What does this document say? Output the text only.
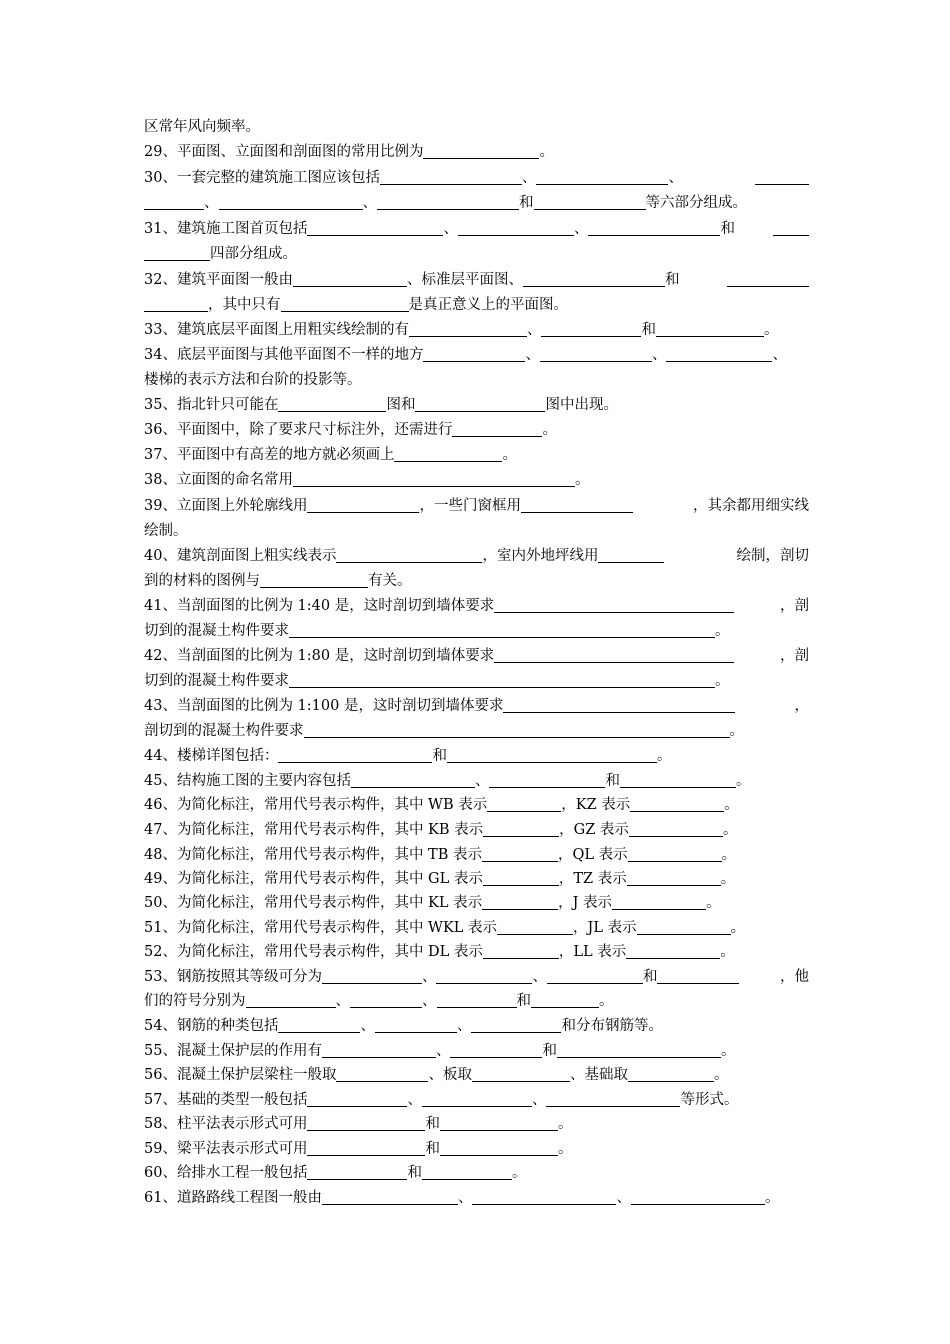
区常年风向频率。
29、平面图、立面图和剖面图的常用比例为	。
30、一套完整的建筑施工图应该包括	、	、
、	、	和	等六部分组成。
31、建筑施工图首页包括	、	、	和
四部分组成。
32、建筑平面图一般由	、标准层平面图、	和
，其中只有	是真正意义上的平面图。
33、建筑底层平面图上用粗实线绘制的有	、	和	。
34、底层平面图与其他平面图不一样的地方	、	、	、
楼梯的表示方法和台阶的投影等。
35、指北针只可能在	图和	图中出现。
36、平面图中，除了要求尺寸标注外，还需进行	。
37、平面图中有高差的地方就必须画上	。
38、立面图的命名常用	。
39、立面图上外轮廓线用	，一些门窗框用	，其余都用细实线
绘制。
40、建筑剖面图上粗实线表示	，室内外地坪线用	绘制，剖切
到的材料的图例与	有关。
41、当剖面图的比例为 1:40 是，这时剖切到墙体要求	，剖
切到的混凝土构件要求	。
42、当剖面图的比例为 1:80 是，这时剖切到墙体要求	，剖
切到的混凝土构件要求	。
43、当剖面图的比例为 1:100 是，这时剖切到墙体要求	，
剖切到的混凝土构件要求	。
44、楼梯详图包括：	和	。
45、结构施工图的主要内容包括	、	和	。
46、为简化标注，常用代号表示构件，其中 WB 表示	，KZ 表示	。
47、为简化标注，常用代号表示构件，其中 KB 表示	，GZ 表示	。
48、为简化标注，常用代号表示构件，其中 TB 表示	，QL 表示	。
49、为简化标注，常用代号表示构件，其中 GL 表示	，TZ 表示	。
50、为简化标注，常用代号表示构件，其中 KL 表示	，J 表示	。
51、为简化标注，常用代号表示构件，其中 WKL 表示	，JL 表示	。
52、为简化标注，常用代号表示构件，其中 DL 表示	，LL 表示	。
53、钢筋按照其等级可分为	、	、	和	，他
们的符号分别为	、	、	和	。
54、钢筋的种类包括	、	、	和分布钢筋等。
55、混凝土保护层的作用有	、	和	。
56、混凝土保护层梁柱一般取	、板取	、基础取	。
57、基础的类型一般包括	、	、	等形式。
58、柱平法表示形式可用	和	。
59、梁平法表示形式可用	和	。
60、给排水工程一般包括	和	。
61、道路路线工程图一般由	、	、	。
